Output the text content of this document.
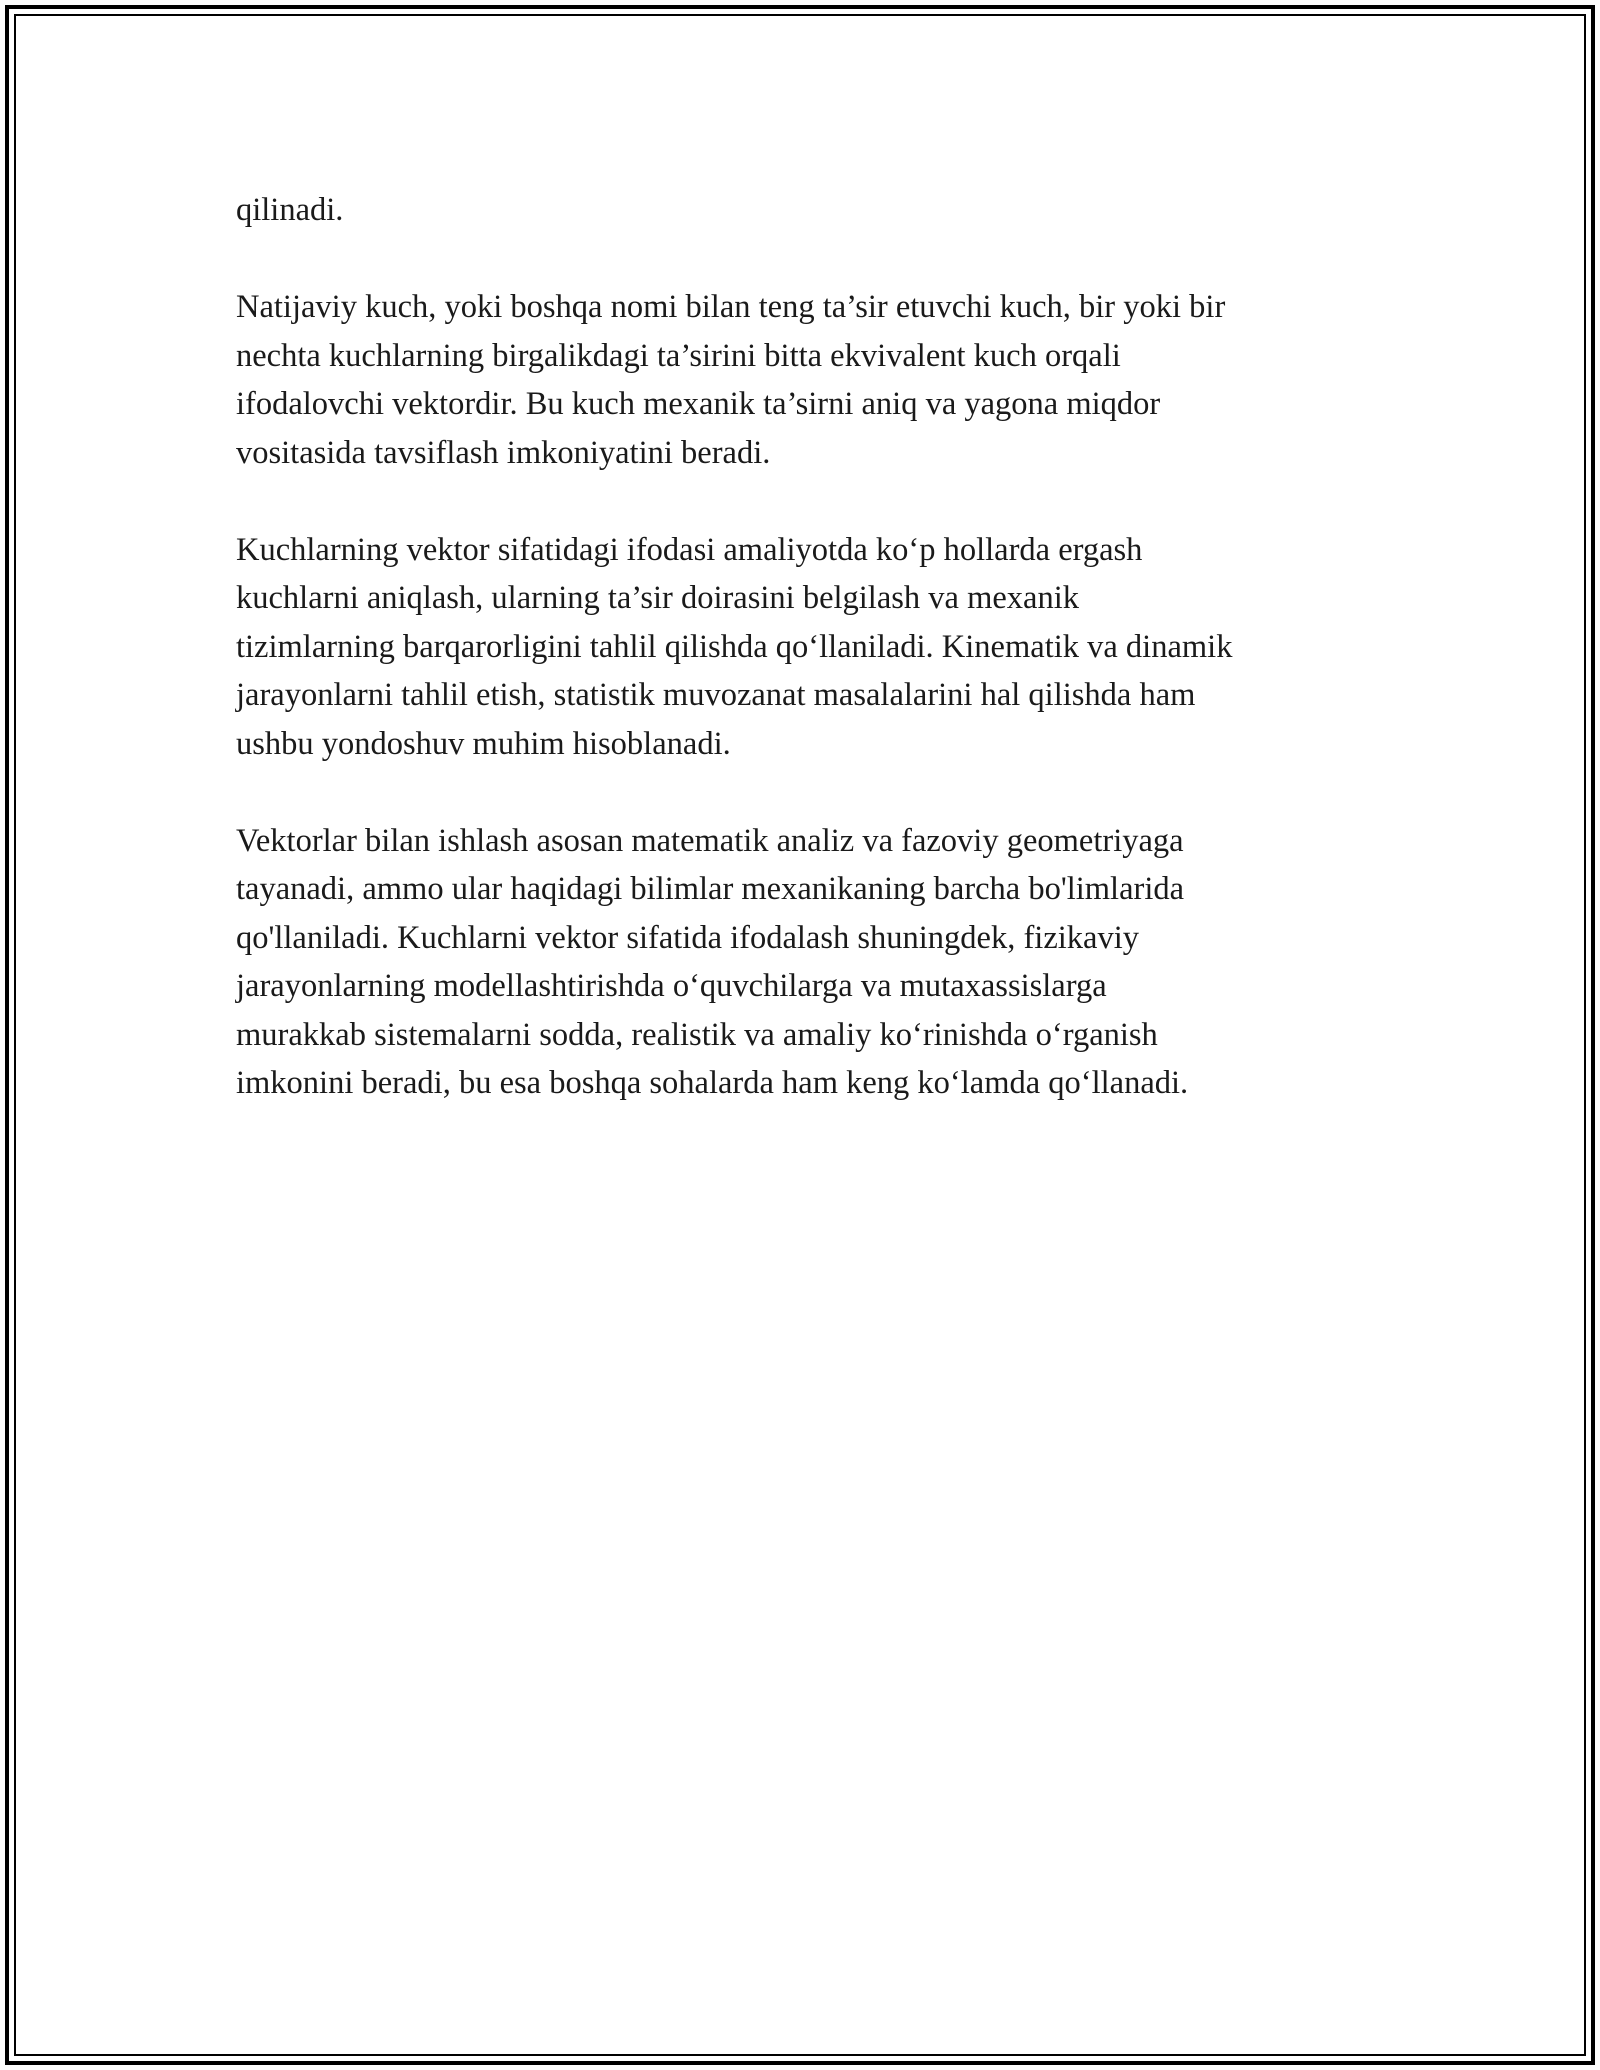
qilinadi.

Natijaviy kuch, yoki boshqa nomi bilan teng ta’sir etuvchi kuch, bir yoki bir
nechta kuchlarning birgalikdagi ta’sirini bitta ekvivalent kuch orqali
ifodalovchi vektordir. Bu kuch mexanik ta’sirni aniq va yagona miqdor
vositasida tavsiflash imkoniyatini beradi.

Kuchlarning vektor sifatidagi ifodasi amaliyotda koʻp hollarda ergash
kuchlarni aniqlash, ularning ta’sir doirasini belgilash va mexanik
tizimlarning barqarorligini tahlil qilishda qoʻllaniladi. Kinematik va dinamik
jarayonlarni tahlil etish, statistik muvozanat masalalarini hal qilishda ham
ushbu yondoshuv muhim hisoblanadi.

Vektorlar bilan ishlash asosan matematik analiz va fazoviy geometriyaga
tayanadi, ammo ular haqidagi bilimlar mexanikaning barcha bo'limlarida
qo'llaniladi. Kuchlarni vektor sifatida ifodalash shuningdek, fizikaviy
jarayonlarning modellashtirishda oʻquvchilarga va mutaxassislarga
murakkab sistemalarni sodda, realistik va amaliy koʻrinishda oʻrganish
imkonini beradi, bu esa boshqa sohalarda ham keng koʻlamda qoʻllanadi.
